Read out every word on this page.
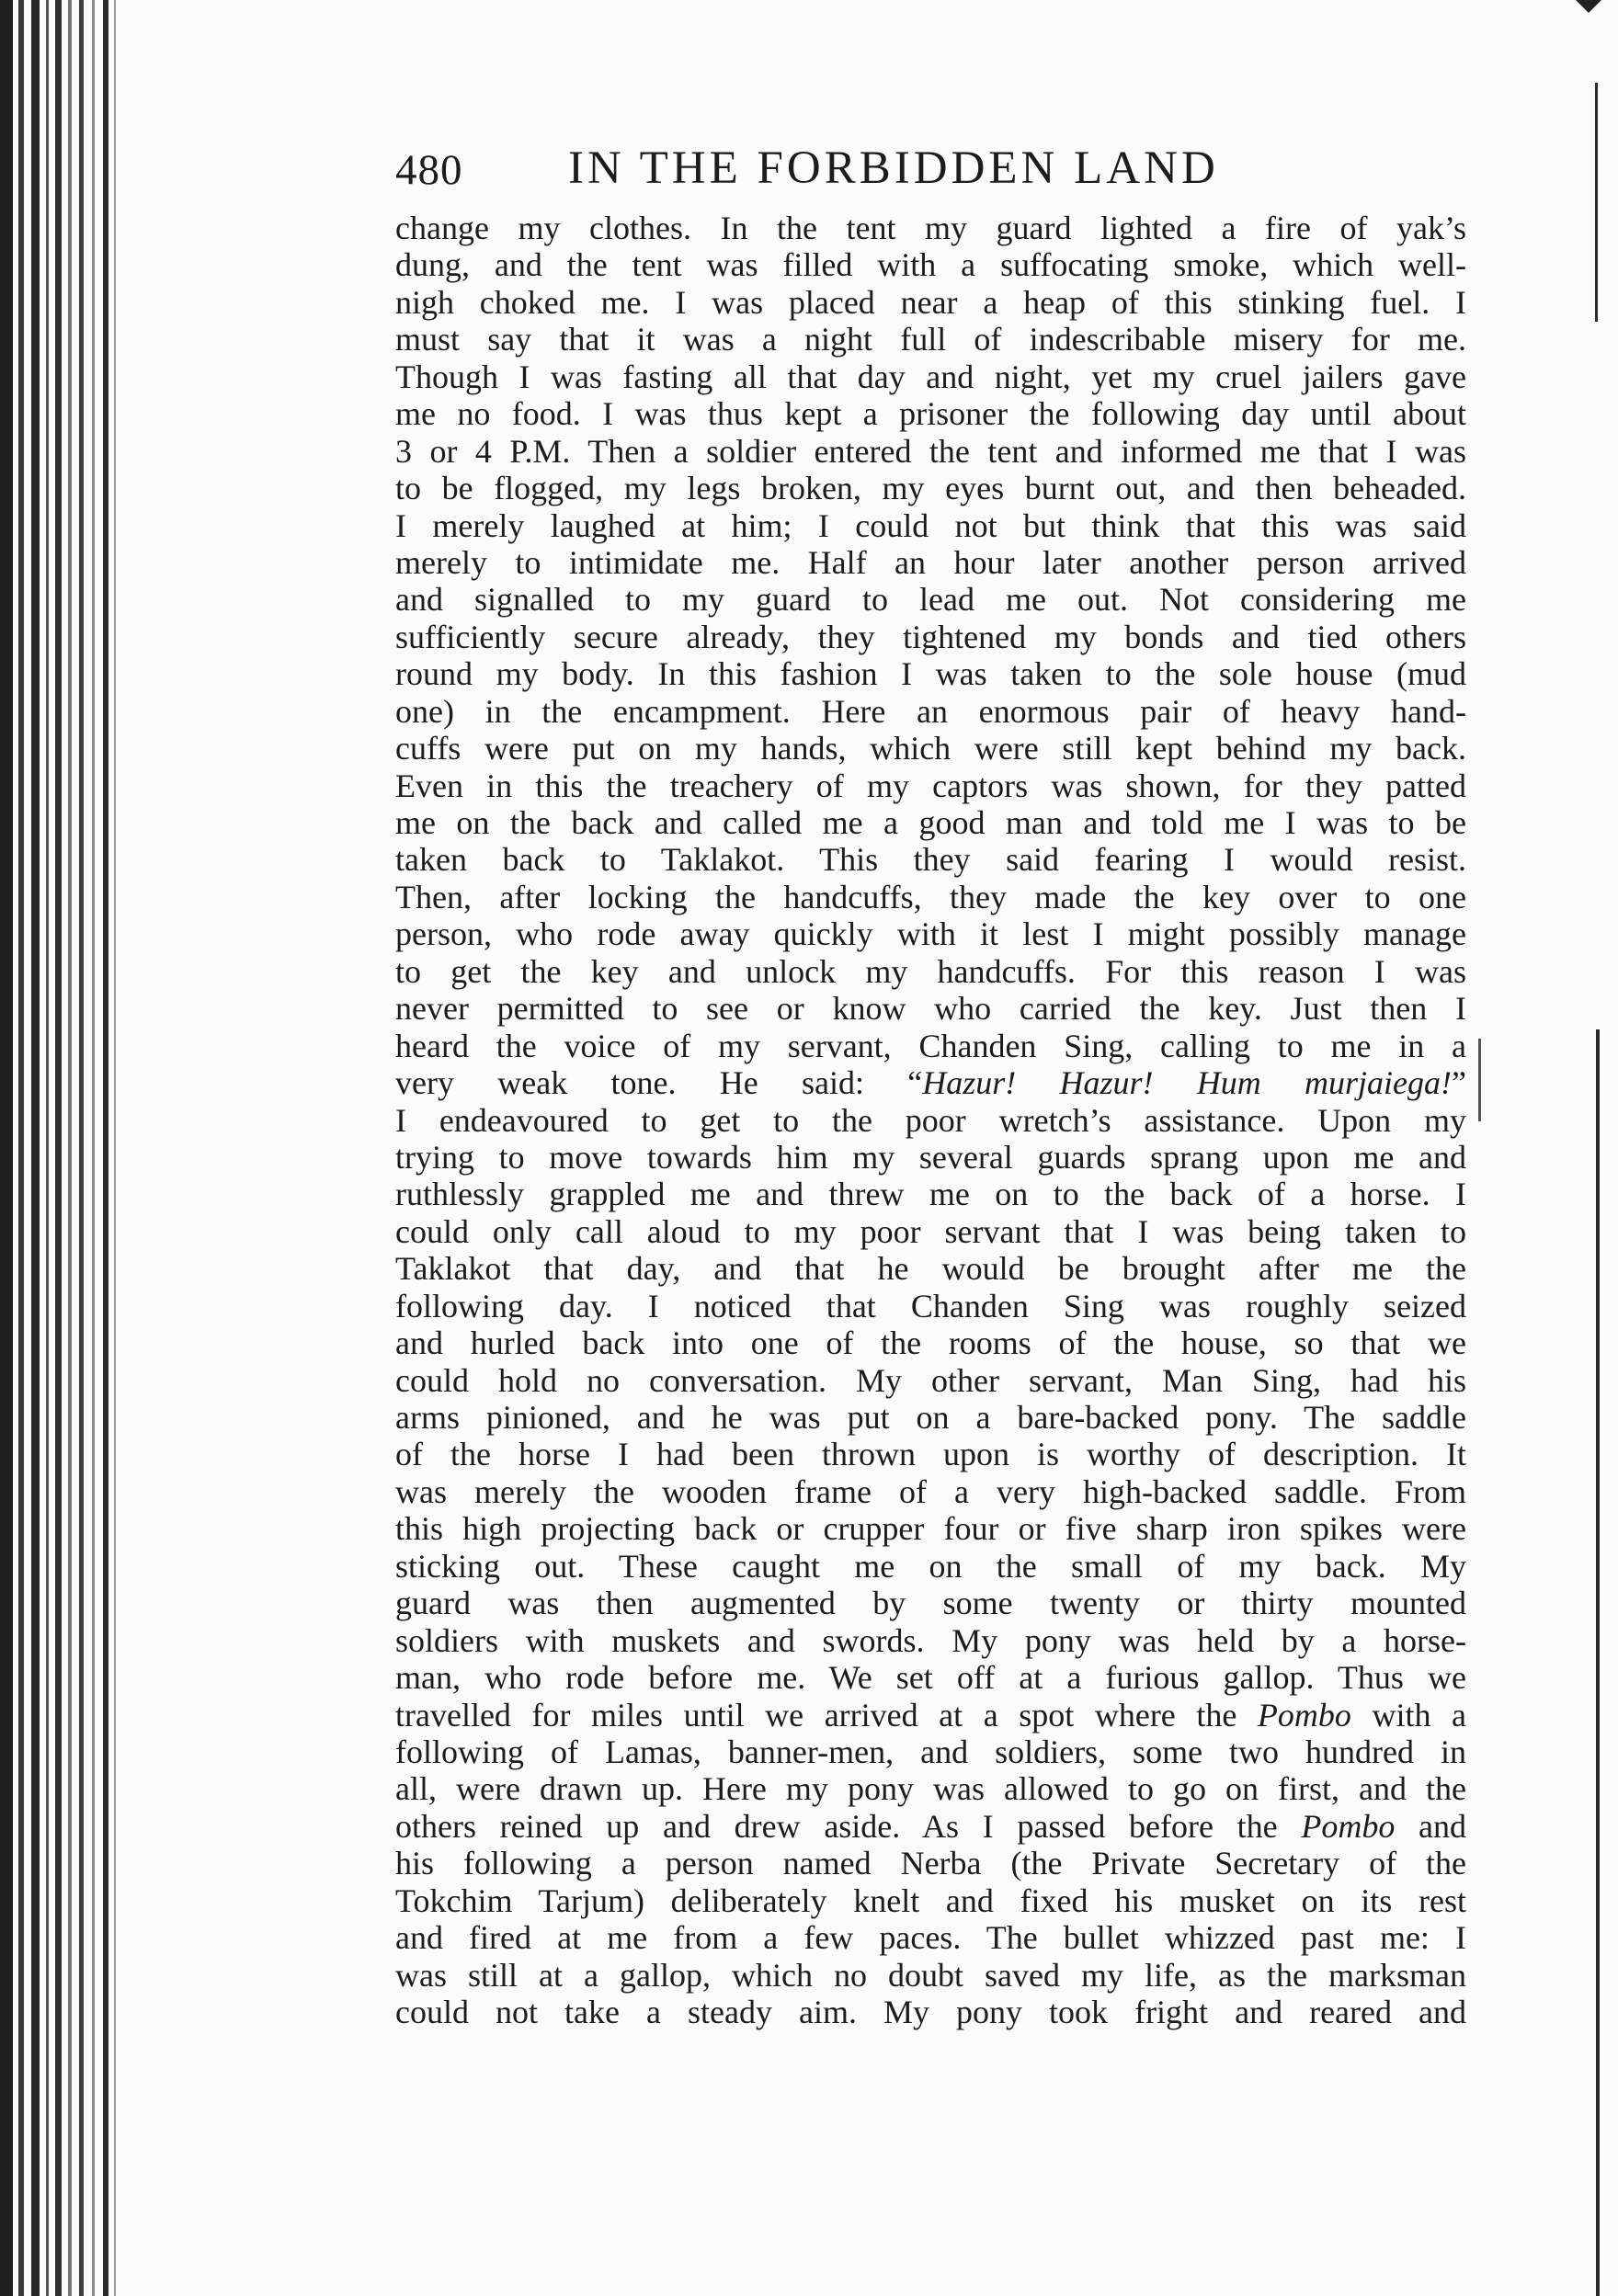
480 IN THE FORBIDDEN LAND
change my clothes. In the tent my guard lighted a fire of yak’s
dung, and the tent was filled with a suffocating smoke, which well-
nigh choked me. I was placed near a heap of this stinking fuel. I
must say that it was a night full of indescribable misery for me.
Though I was fasting all that day and night, yet my cruel jailers gave
me no food. I was thus kept a prisoner the following day until about
3 or 4 P.M. Then a soldier entered the tent and informed me that I was
to be flogged, my legs broken, my eyes burnt out, and then beheaded.
I merely laughed at him; I could not but think that this was said
merely to intimidate me. Half an hour later another person arrived
and signalled to my guard to lead me out. Not considering me
sufficiently secure already, they tightened my bonds and tied others
round my body. In this fashion I was taken to the sole house (mud
one) in the encampment. Here an enormous pair of heavy hand-
cuffs were put on my hands, which were still kept behind my back.
Even in this the treachery of my captors was shown, for they patted
me on the back and called me a good man and told me I was to be
taken back to Taklakot. This they said fearing I would resist.
Then, after locking the handcuffs, they made the key over to one
person, who rode away quickly with it lest I might possibly manage
to get the key and unlock my handcuffs. For this reason I was
never permitted to see or know who carried the key. Just then I
heard the voice of my servant, Chanden Sing, calling to me in a
very weak tone. He said: “Hazur! Hazur! Hum murjaiega!”
I endeavoured to get to the poor wretch’s assistance. Upon my
trying to move towards him my several guards sprang upon me and
ruthlessly grappled me and threw me on to the back of a horse. I
could only call aloud to my poor servant that I was being taken to
Taklakot that day, and that he would be brought after me the
following day. I noticed that Chanden Sing was roughly seized
and hurled back into one of the rooms of the house, so that we
could hold no conversation. My other servant, Man Sing, had his
arms pinioned, and he was put on a bare-backed pony. The saddle
of the horse I had been thrown upon is worthy of description. It
was merely the wooden frame of a very high-backed saddle. From
this high projecting back or crupper four or five sharp iron spikes were
sticking out. These caught me on the small of my back. My
guard was then augmented by some twenty or thirty mounted
soldiers with muskets and swords. My pony was held by a horse-
man, who rode before me. We set off at a furious gallop. Thus we
travelled for miles until we arrived at a spot where the Pombo with a
following of Lamas, banner-men, and soldiers, some two hundred in
all, were drawn up. Here my pony was allowed to go on first, and the
others reined up and drew aside. As I passed before the Pombo and
his following a person named Nerba (the Private Secretary of the
Tokchim Tarjum) deliberately knelt and fixed his musket on its rest
and fired at me from a few paces. The bullet whizzed past me: I
was still at a gallop, which no doubt saved my life, as the marksman
could not take a steady aim. My pony took fright and reared and
